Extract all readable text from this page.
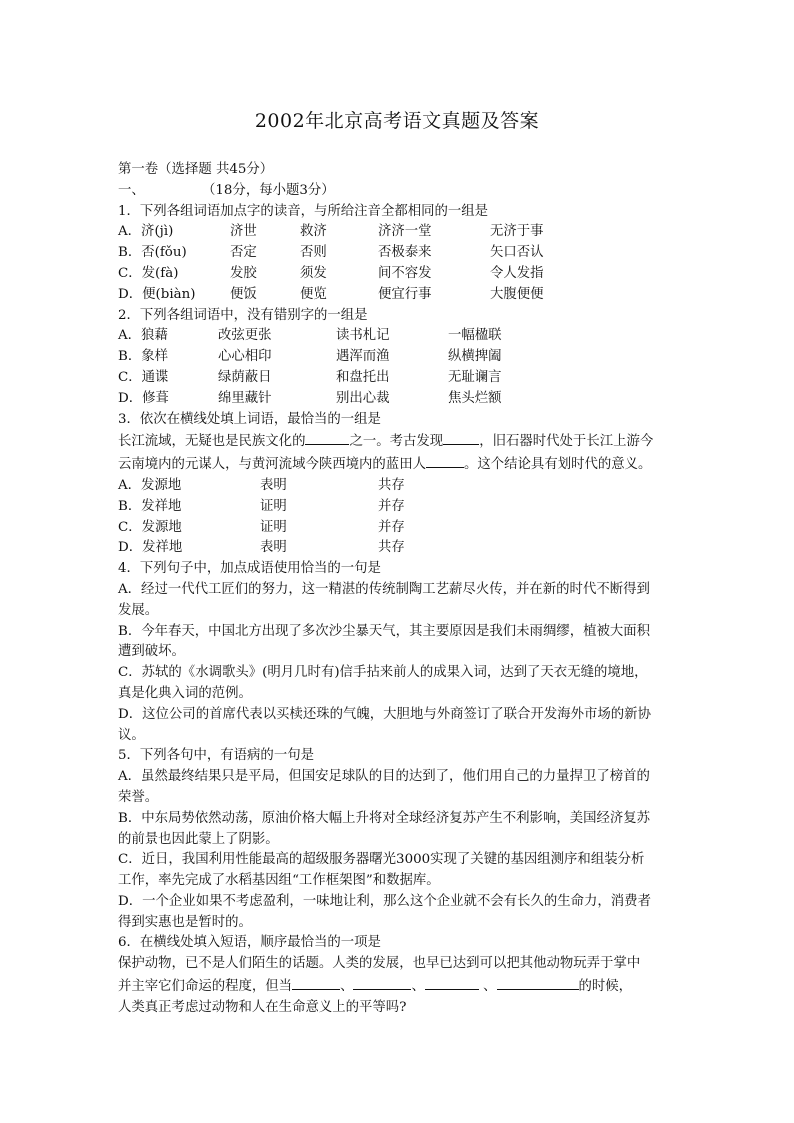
2002年北京高考语文真题及答案
第一卷（选择题 共45分）
一、	（18分，每小题3分）
1．下列各组词语加点字的读音，与所给注音全都相同的一组是
A．济(jì)	济世	救济	济济一堂	无济于事
B．否(fǒu)	否定	否则	否极泰来	矢口否认
C．发(fà)	发胶	须发	间不容发	令人发指
D．便(biàn)	便饭	便览	便宜行事	大腹便便
2．下列各组词语中，没有错别字的一组是
A．狼藉	改弦更张	读书札记	一幅楹联
B．象样	心心相印	遇浑而渔	纵横捭阖
C．通谍	绿荫蔽日	和盘托出	无耻谰言
D．修葺	绵里藏针	别出心裁	焦头烂额
3．依次在横线处填上词语，最恰当的一组是
长江流域，无疑也是民族文化的	之一。考古发现	，旧石器时代处于长江上游今
云南境内的元谋人，与黄河流域今陕西境内的蓝田人	。这个结论具有划时代的意义。
A．发源地	表明	共存
B．发祥地	证明	并存
C．发源地	证明	并存
D．发祥地	表明	共存
4．下列句子中，加点成语使用恰当的一句是
A．经过一代代工匠们的努力，这一精湛的传统制陶工艺薪尽火传，并在新的时代不断得到
发展。
B．今年春天，中国北方出现了多次沙尘暴天气，其主要原因是我们未雨绸缪，植被大面积
遭到破坏。
C．苏轼的《水调歌头》(明月几时有)信手拈来前人的成果入词，达到了天衣无缝的境地，
真是化典入词的范例。
D．这位公司的首席代表以买椟还珠的气魄，大胆地与外商签订了联合开发海外市场的新协
议。
5．下列各句中，有语病的一句是
A．虽然最终结果只是平局，但国安足球队的目的达到了，他们用自己的力量捍卫了榜首的
荣誉。
B．中东局势依然动荡，原油价格大幅上升将对全球经济复苏产生不利影响，美国经济复苏
的前景也因此蒙上了阴影。
C．近日，我国利用性能最高的超级服务器曙光3000实现了关键的基因组测序和组装分析
工作，率先完成了水稻基因组“工作框架图”和数据库。
D．一个企业如果不考虑盈利，一味地让利，那么这个企业就不会有长久的生命力，消费者
得到实惠也是暂时的。
6．在横线处填入短语，顺序最恰当的一项是
保护动物，已不是人们陌生的话题。人类的发展，也早已达到可以把其他动物玩弄于掌中
并主宰它们命运的程度，但当	、	、	、	的时候，
人类真正考虑过动物和人在生命意义上的平等吗?
